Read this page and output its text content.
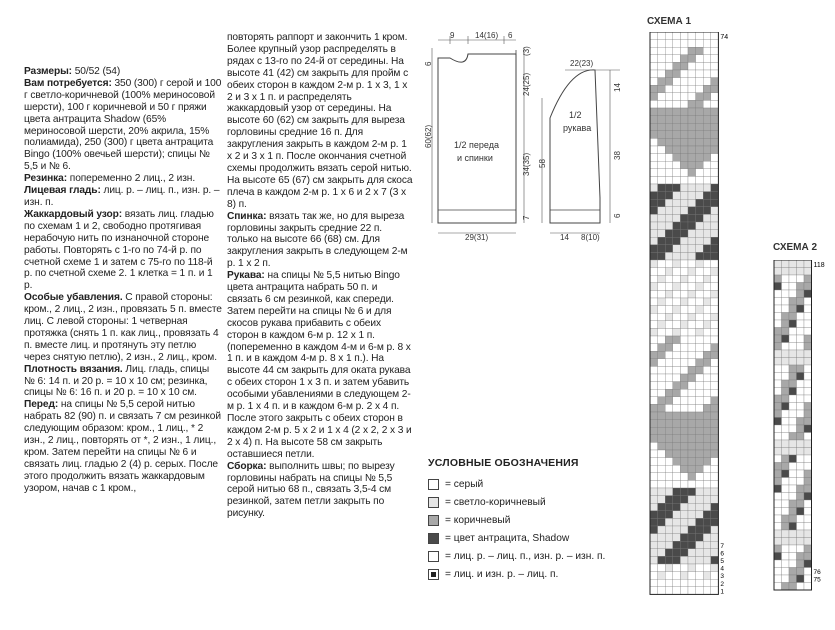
Размеры: 50/52 (54)

Вам потребуется: 350 (300) г серой и 100 г светло-коричневой (100% мериносовой шерсти), 100 г коричневой и 50 г пряжи цвета антрацита Shadow (65% мериносовой шерсти, 20% акрила, 15% полиамида), 250 (300) г цвета антрацита Bingo (100% овечьей шерсти); спицы № 5,5 и № 6.

Резинка: попеременно 2 лиц., 2 изн.

Лицевая гладь: лиц. р. – лиц. п., изн. р. – изн. п.

Жаккардовый узор: вязать лиц. гладью по схемам 1 и 2, свободно протягивая нерабочую нить по изнаночной стороне работы. Повторять с 1-го по 74-й р. по счетной схеме 1 и затем с 75-го по 118-й р. по счетной схеме 2. 1 клетка = 1 п. и 1 р.

Особые убавления. С правой стороны: кром., 2 лиц., 2 изн., провязать 5 п. вместе лиц. С левой стороны: 1 четверная протяжка (снять 1 п. как лиц., провязать 4 п. вместе лиц. и протянуть эту петлю через снятую петлю), 2 изн., 2 лиц., кром.

Плотность вязания. Лиц. гладь, спицы № 6: 14 п. и 20 р. = 10 х 10 см; резинка, спицы № 6: 16 п. и 20 р. = 10 х 10 см.

Перед: на спицы № 5,5 серой нитью набрать 82 (90) п. и связать 7 см резинкой следующим образом: кром., 1 лиц., * 2 изн., 2 лиц., повторять от *, 2 изн., 1 лиц., кром. Затем перейти на спицы № 6 и связать лиц. гладью 2 (4) р. серых. После этого продолжить вязать жаккардовым узором, начав с 1 кром.,

повторять раппорт и закончить 1 кром. Более крупный узор распределять в рядах с 13-го по 24-й от середины. На высоте 41 (42) см закрыть для пройм с обеих сторон в каждом 2-м р. 1 х 3, 1 х 2 и 3 х 1 п. и распределять жаккардовый узор от середины. На высоте 60 (62) см закрыть для выреза горловины средние 16 п. Для закругления закрыть в каждом 2-м р. 1 х 2 и 3 х 1 п. После окончания счетной схемы продолжить вязать серой нитью. На высоте 65 (67) см закрыть для скоса плеча в каждом 2-м р. 1 х 6 и 2 х 7 (3 х 8) п.

Спинка: вязать так же, но для выреза горловины закрыть средние 22 п. только на высоте 66 (68) см. Для закругления закрыть в следующем 2-м р. 1 х 2 п.

Рукава: на спицы № 5,5 нитью Bingo цвета антрацита набрать 50 п. и связать 6 см резинкой, как спереди. Затем перейти на спицы № 6 и для скосов рукава прибавить с обеих сторон в каждом 6-м р. 12 х 1 п. (попеременно в каждом 4-м и 6-м р. 8 х 1 п. и в каждом 4-м р. 8 х 1 п.). На высоте 44 см закрыть для оката рукава с обеих сторон 1 х 3 п. и затем убавить особыми убавлениями в следующем 2-м р. 1 х 4 п. и в каждом 6-м р. 2 х 4 п. После этого закрыть с обеих сторон в каждом 2-м р. 5 х 2 и 1 х 4 (2 х 2, 2 х 3 и 2 х 4) п. На высоте 58 см закрыть оставшиеся петли.

Сборка: выполнить швы; по вырезу горловины набрать на спицы № 5,5 серой нитью 68 п., связать 3,5-4 см резинкой, затем петли закрыть по рисунку.

9	14(16) 6
6
60(62)
(3)
24(25)
34(35)
7
29(31)
1/2 переда
и спинки
22(23)
58
14
38
6
14 8(10)
1/2
рукава
СХЕМА 1
СХЕМА 2
74
7
6
5
4
3
2
1
118
76
75
УСЛОВНЫЕ ОБОЗНАЧЕНИЯ
= серый
= светло-коричневый
= коричневый
= цвет антрацита, Shadow
= лиц. р. – лиц. п., изн. р. – изн. п.
= лиц. и изн. р. – лиц. п.
